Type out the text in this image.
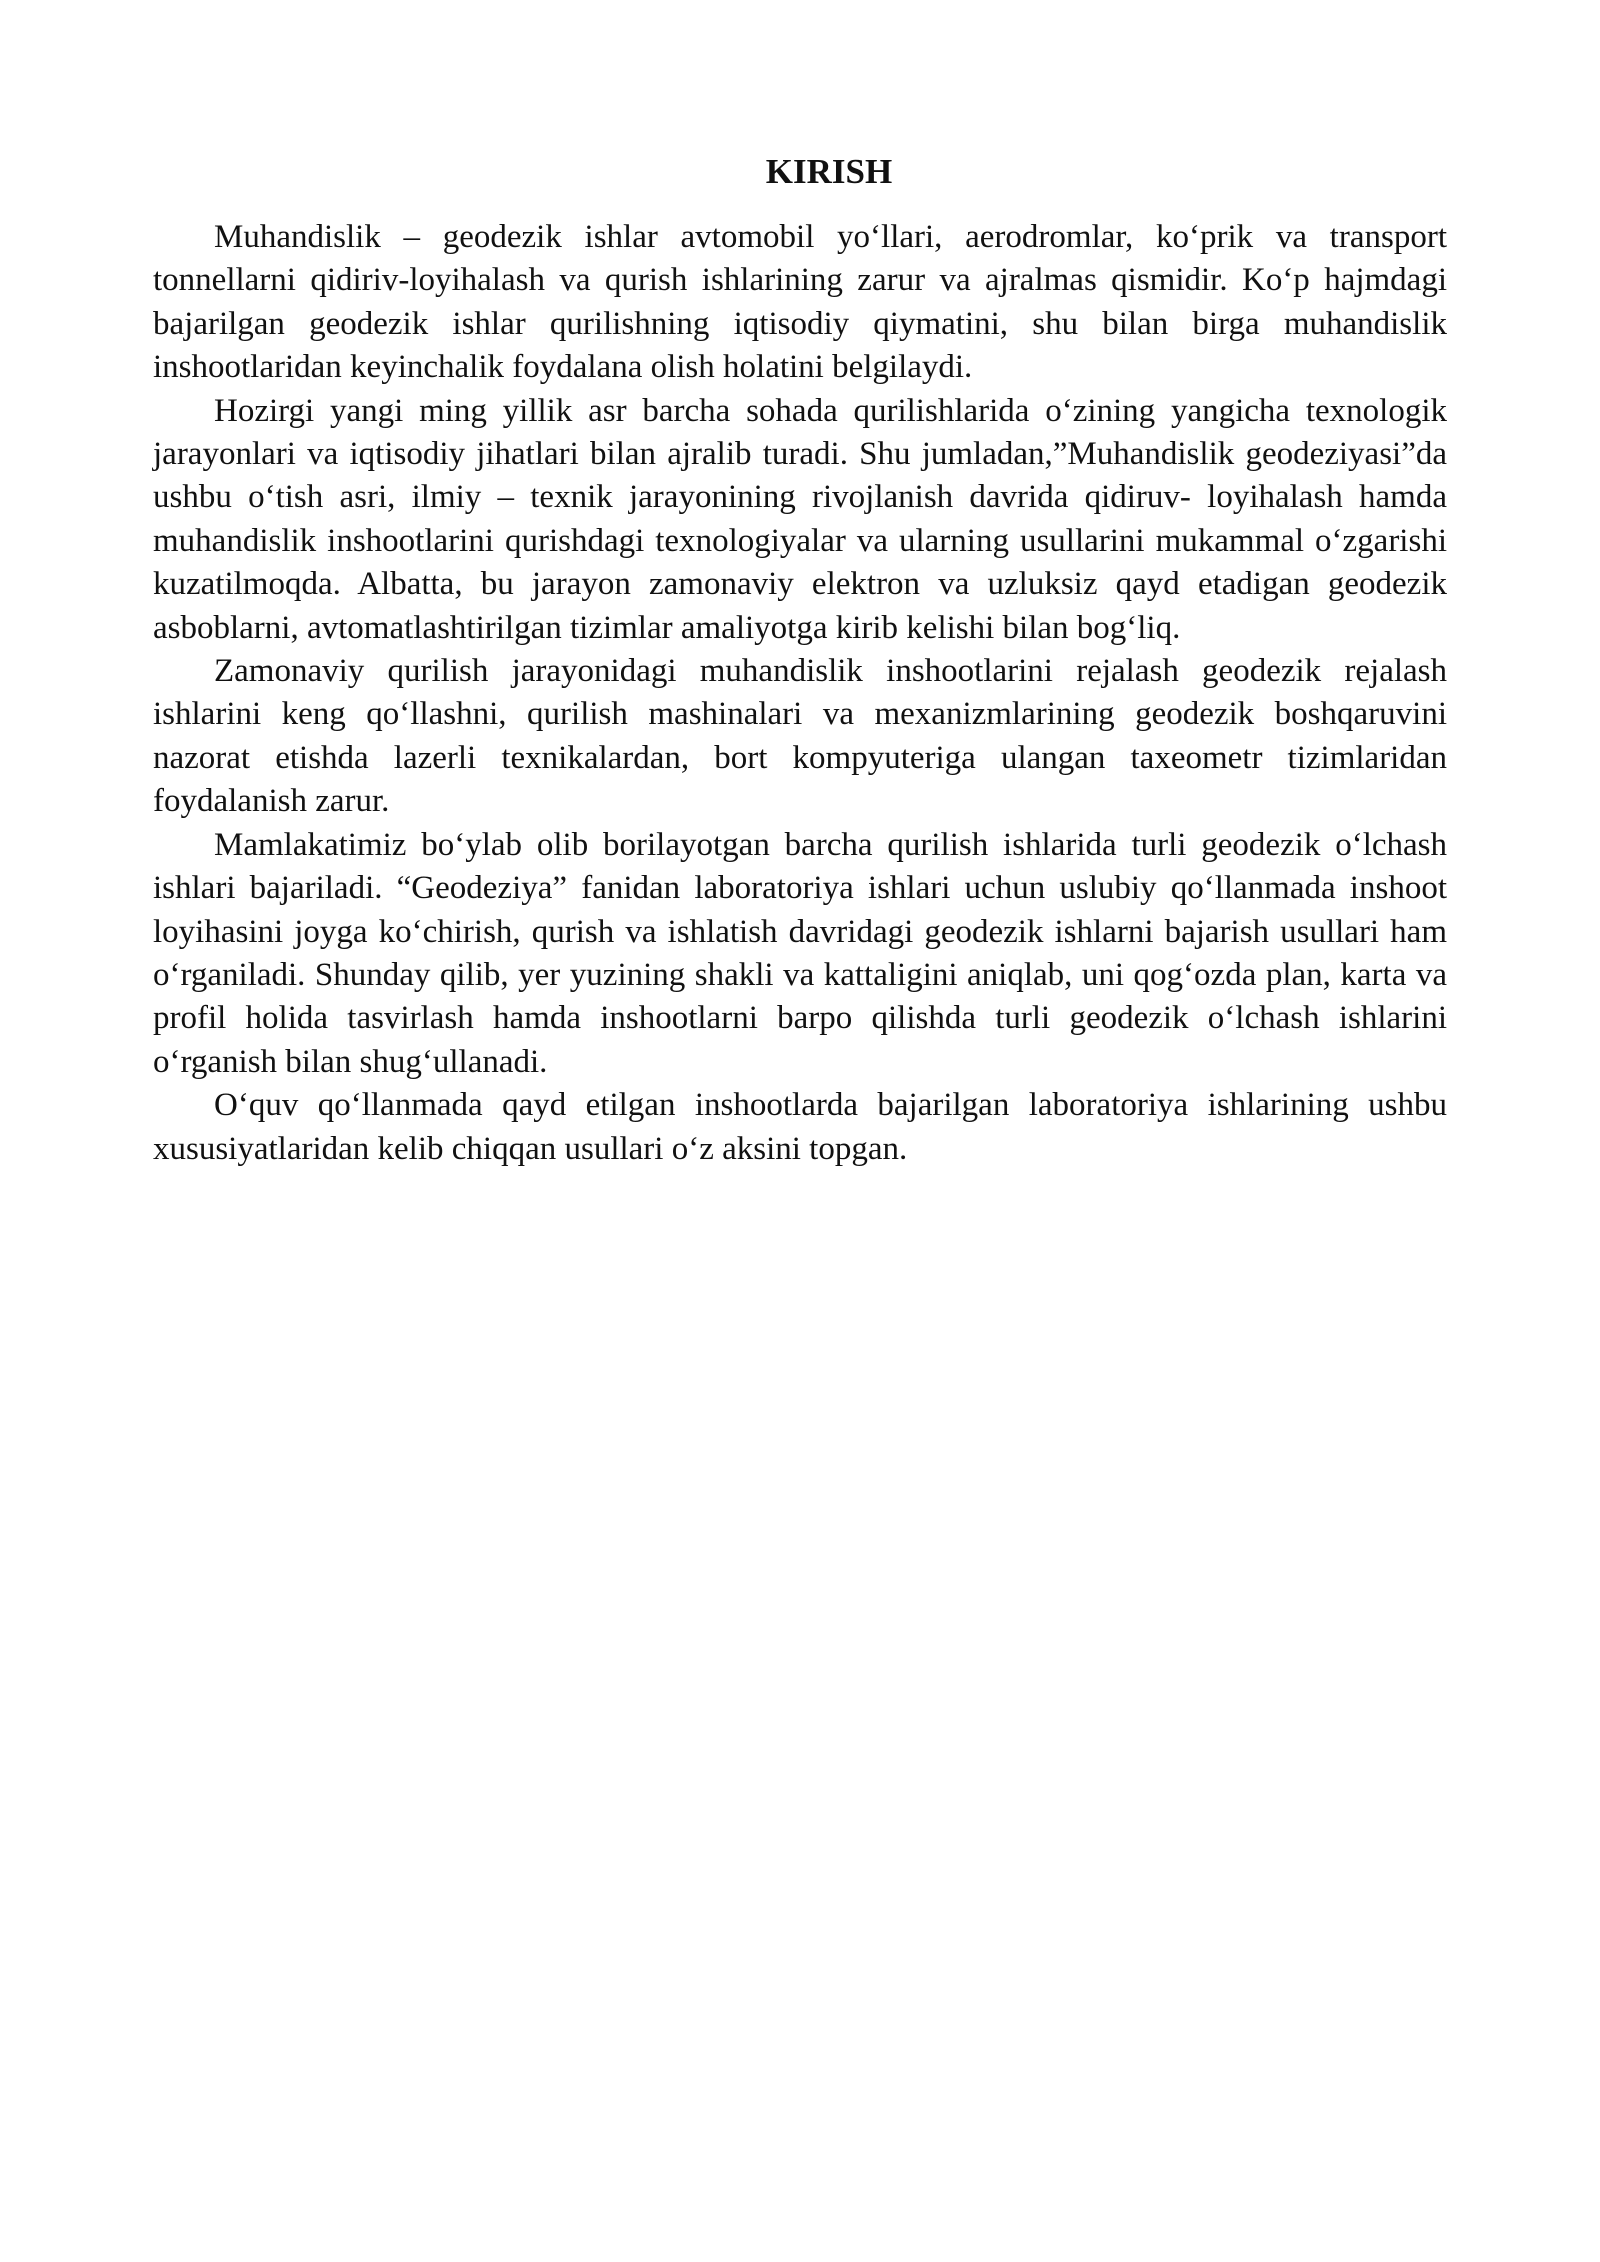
KIRISH

Muhandislik – geodezik ishlar avtomobil yo‘llari, aerodromlar, ko‘prik va transport tonnellarni qidiriv-loyihalash va qurish ishlarining zarur va ajralmas qismidir. Ko‘p hajmdagi bajarilgan geodezik ishlar qurilishning iqtisodiy qiymatini, shu bilan birga muhandislik inshootlaridan keyinchalik foydalana olish holatini belgilaydi.

Hozirgi yangi ming yillik asr barcha sohada qurilishlarida o‘zining yangicha texnologik jarayonlari va iqtisodiy jihatlari bilan ajralib turadi. Shu jumladan,”Muhandislik geodeziyasi”da ushbu o‘tish asri, ilmiy – texnik jarayonining rivojlanish davrida qidiruv- loyihalash hamda muhandislik inshootlarini qurishdagi texnologiyalar va ularning usullarini mukammal o‘zgarishi kuzatilmoqda. Albatta, bu jarayon zamonaviy elektron va uzluksiz qayd etadigan geodezik asboblarni, avtomatlashtirilgan tizimlar amaliyotga kirib kelishi bilan bog‘liq.

Zamonaviy qurilish jarayonidagi muhandislik inshootlarini rejalash geodezik rejalash ishlarini keng qo‘llashni, qurilish mashinalari va mexanizmlarining geodezik boshqaruvini nazorat etishda lazerli texnikalardan, bort kompyuteriga ulangan taxeometr tizimlaridan foydalanish zarur.

Mamlakatimiz bo‘ylab olib borilayotgan barcha qurilish ishlarida turli geodezik o‘lchash ishlari bajariladi. “Geodeziya” fanidan laboratoriya ishlari uchun uslubiy qo‘llanmada inshoot loyihasini joyga ko‘chirish, qurish va ishlatish davridagi geodezik ishlarni bajarish usullari ham o‘rganiladi. Shunday qilib, yer yuzining shakli va kattaligini aniqlab, uni qog‘ozda plan, karta va profil holida tasvirlash hamda inshootlarni barpo qilishda turli geodezik o‘lchash ishlarini o‘rganish bilan shug‘ullanadi.

O‘quv qo‘llanmada qayd etilgan inshootlarda bajarilgan laboratoriya ishlarining ushbu xususiyatlaridan kelib chiqqan usullari o‘z aksini topgan.
